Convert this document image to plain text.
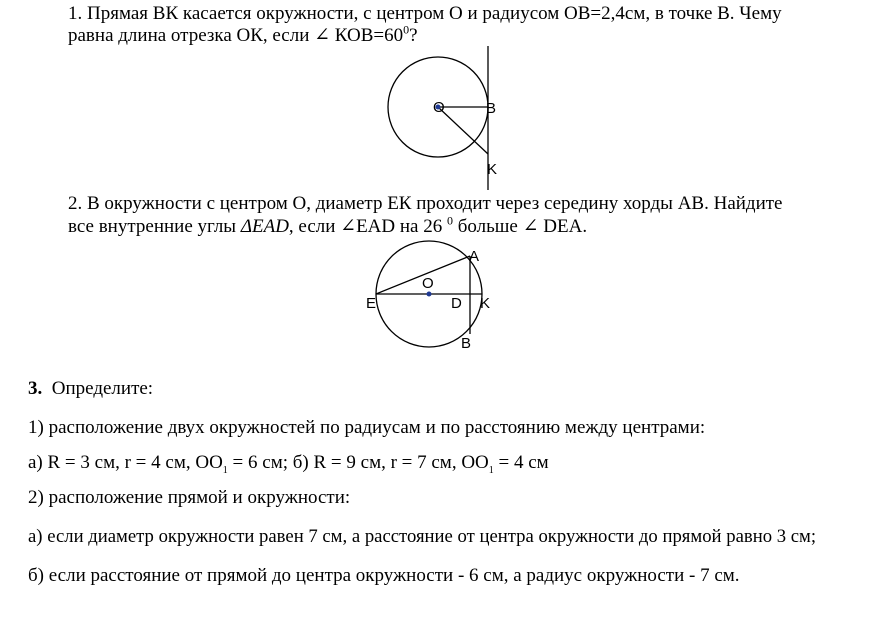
1. Прямая ВК касается окружности, с центром О и радиусом ОВ=2,4см, в точке В. Чему
равна длина отрезка ОК, если ∠ $КОВ=60^0$?
O	B
K
2. В окружности с центром О, диаметр ЕК проходит через середину хорды АВ. Найдите
все внутренние углы ΔEAD, если ∠EAD на 26 $^0$ больше ∠ DEA.
A
O
E	D K
B
3. Определите:
1) расположение двух окружностей по радиусам и по расстоянию между центрами:
а) R = 3 см, r = 4 см, $OO_1 = 6$ см; б) R = 9 см, r = 7 см, $OO_1 = 4$ см
2) расположение прямой и окружности:
а) если диаметр окружности равен 7 см, а расстояние от центра окружности до прямой равно 3 см;
б) если расстояние от прямой до центра окружности - 6 см, а радиус окружности - 7 см.
